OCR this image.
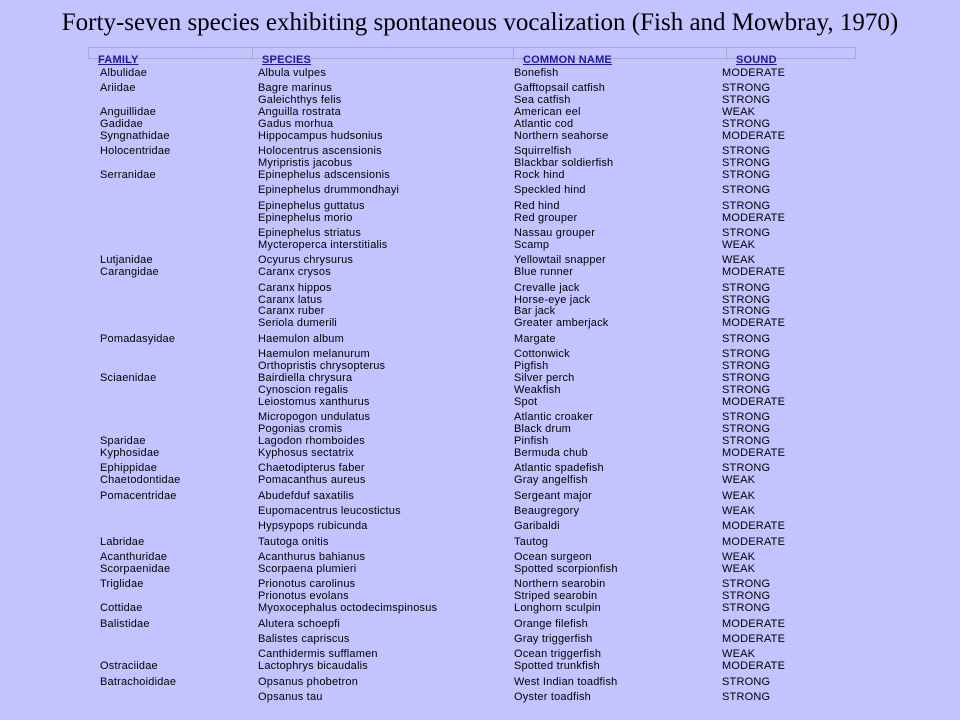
Forty-seven species exhibiting spontaneous vocalization (Fish and Mowbray, 1970)
FAMILY	SPECIES	COMMON NAME	SOUND
Albulidae	Albula vulpes	Bonefish	MODERATE
Ariidae	Bagre marinus	Gafftopsail catfish	STRONG
Galeichthys felis	Sea catfish	STRONG
Anguillidae	Anguilla rostrata	American eel	WEAK
Gadidae	Gadus morhua	Atlantic cod	STRONG
Syngnathidae	Hippocampus hudsonius	Northern seahorse	MODERATE
Holocentridae	Holocentrus ascensionis	Squirrelfish	STRONG
Myripristis jacobus	Blackbar soldierfish	STRONG
Serranidae	Epinephelus adscensionis	Rock hind	STRONG
Epinephelus drummondhayi	Speckled hind	STRONG
Epinephelus guttatus	Red hind	STRONG
Epinephelus morio	Red grouper	MODERATE
Epinephelus striatus	Nassau grouper	STRONG
Mycteroperca interstitialis	Scamp	WEAK
Lutjanidae	Ocyurus chrysurus	Yellowtail snapper	WEAK
Carangidae	Caranx crysos	Blue runner	MODERATE
Caranx hippos	Crevalle jack	STRONG
Caranx latus	Horse-eye jack	STRONG
Caranx ruber	Bar jack	STRONG
Seriola dumerili	Greater amberjack	MODERATE
Pomadasyidae	Haemulon album	Margate	STRONG
Haemulon melanurum	Cottonwick	STRONG
Orthopristis chrysopterus	Pigfish	STRONG
Sciaenidae	Bairdiella chrysura	Silver perch	STRONG
Cynoscion regalis	Weakfish	STRONG
Leiostomus xanthurus	Spot	MODERATE
Micropogon undulatus	Atlantic croaker	STRONG
Pogonias cromis	Black drum	STRONG
Sparidae	Lagodon rhomboides	Pinfish	STRONG
Kyphosidae	Kyphosus sectatrix	Bermuda chub	MODERATE
Ephippidae	Chaetodipterus faber	Atlantic spadefish	STRONG
Chaetodontidae	Pomacanthus aureus	Gray angelfish	WEAK
Pomacentridae	Abudefduf saxatilis	Sergeant major	WEAK
Eupomacentrus leucostictus	Beaugregory	WEAK
Hypsypops rubicunda	Garibaldi	MODERATE
Labridae	Tautoga onitis	Tautog	MODERATE
Acanthuridae	Acanthurus bahianus	Ocean surgeon	WEAK
Scorpaenidae	Scorpaena plumieri	Spotted scorpionfish	WEAK
Triglidae	Prionotus carolinus	Northern searobin	STRONG
Prionotus evolans	Striped searobin	STRONG
Cottidae	Myoxocephalus octodecimspinosus	Longhorn sculpin	STRONG
Balistidae	Alutera schoepfi	Orange filefish	MODERATE
Balistes capriscus	Gray triggerfish	MODERATE
Canthidermis sufflamen	Ocean triggerfish	WEAK
Ostraciidae	Lactophrys bicaudalis	Spotted trunkfish	MODERATE
Batrachoididae	Opsanus phobetron	West Indian toadfish	STRONG
Opsanus tau	Oyster toadfish	STRONG
